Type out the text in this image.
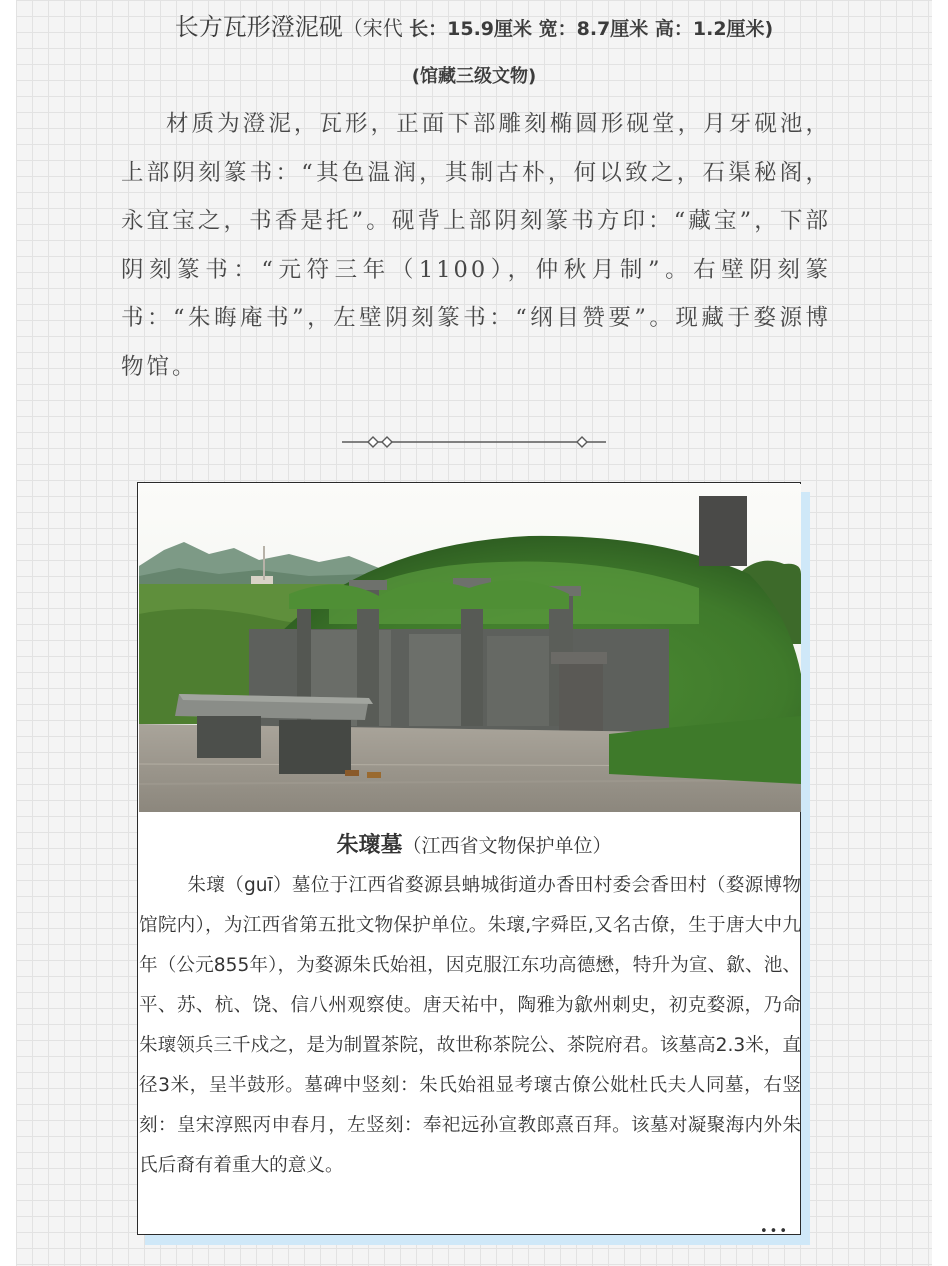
长方瓦形澄泥砚（宋代 长：15.9厘米 宽：8.7厘米 高：1.2厘米)
(馆藏三级文物)

材质为澄泥，瓦形，正面下部雕刻椭圆形砚堂，月牙砚池，上部阴刻篆书：“其色温润，其制古朴，何以致之，石渠秘阁，永宜宝之，书香是托”。砚背上部阴刻篆书方印：“藏宝”，下部阴刻篆书：“元符三年（1100），仲秋月制”。右壁阴刻篆书：“朱晦庵书”，左壁阴刻篆书：“纲目赞要”。现藏于婺源博物馆。

朱瓌墓（江西省文物保护单位）

朱瓌（guī）墓位于江西省婺源县蚺城街道办香田村委会香田村（婺源博物馆院内），为江西省第五批文物保护单位。朱瓌,字舜臣,又名古僚，生于唐大中九年（公元855年），为婺源朱氏始祖，因克服江东功高德懋，特升为宣、歙、池、平、苏、杭、饶、信八州观察使。唐天祐中，陶雅为歙州刺史，初克婺源，乃命朱瓌领兵三千戍之，是为制置茶院，故世称茶院公、茶院府君。该墓高2.3米，直径3米，呈半鼓形。墓碑中竖刻：朱氏始祖显考瓌古僚公妣杜氏夫人同墓，右竖刻：皇宋淳熙丙申春月，左竖刻：奉祀远孙宣教郎熹百拜。该墓对凝聚海内外朱氏后裔有着重大的意义。

•••
